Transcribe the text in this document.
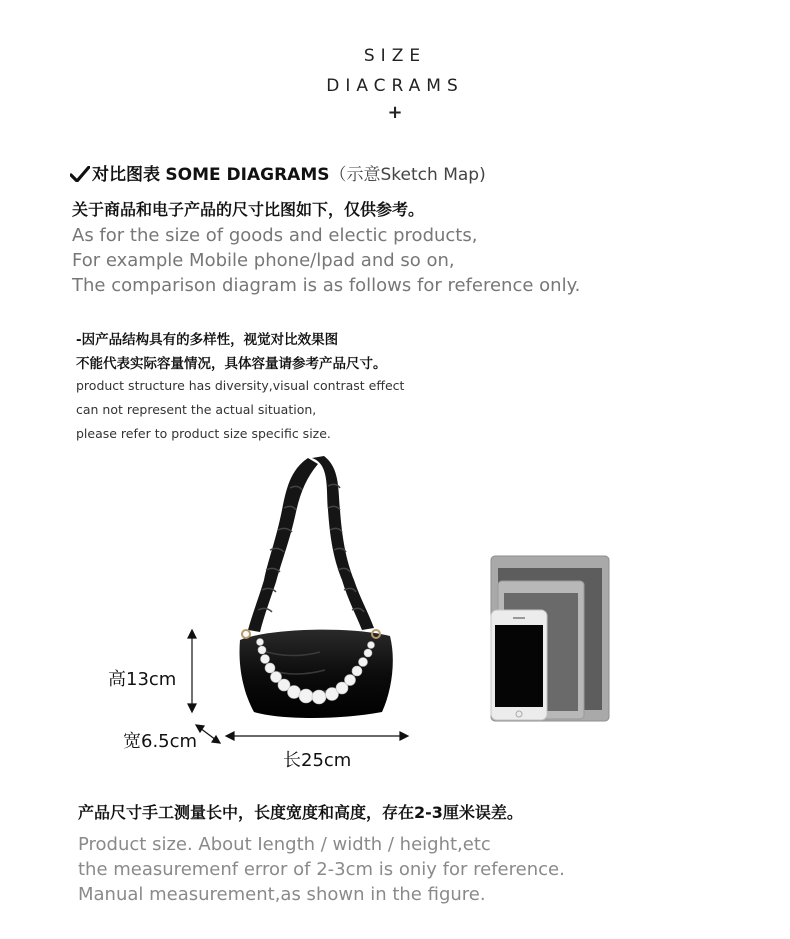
SIZE
DIACRAMS
+
对比图表 SOME DIAGRAMS（示意Sketch Map)
关于商品和电子产品的尺寸比图如下，仅供参考。
As for the size of goods and electic products,
For example Mobile phone/lpad and so on,
The comparison diagram is as follows for reference only.
-因产品结构具有的多样性，视觉对比效果图
不能代表实际容量情况，具体容量请参考产品尺寸。
product structure has diversity,visual contrast effect
can not represent the actual situation,
please refer to product size specific size.
高13cm
宽6.5cm
长25cm
产品尺寸手工测量长中，长度宽度和高度，存在2-3厘米误差。
Product size. About Iength / width / height,etc
the measuremenf error of 2-3cm is oniy for reference.
Manual measurement,as shown in the figure.
